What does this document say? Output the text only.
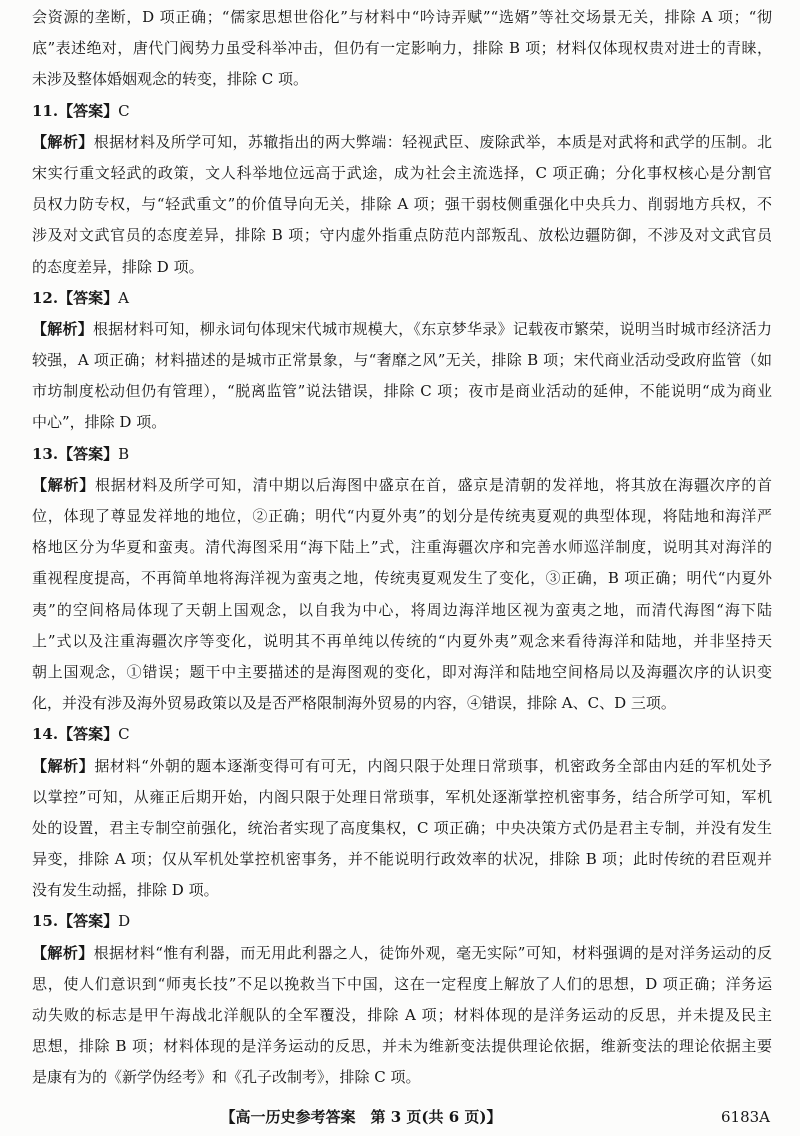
会资源的垄断，D 项正确；“儒家思想世俗化”与材料中“吟诗弄赋”“选婿”等社交场景无关，排除 A 项；“彻
底”表述绝对，唐代门阀势力虽受科举冲击，但仍有一定影响力，排除 B 项；材料仅体现权贵对进士的青睐，
未涉及整体婚姻观念的转变，排除 C 项。
11.【答案】C
【解析】根据材料及所学可知，苏辙指出的两大弊端：轻视武臣、废除武举，本质是对武将和武学的压制。北
宋实行重文轻武的政策，文人科举地位远高于武途，成为社会主流选择，C 项正确；分化事权核心是分割官
员权力防专权，与“轻武重文”的价值导向无关，排除 A 项；强干弱枝侧重强化中央兵力、削弱地方兵权，不
涉及对文武官员的态度差异，排除 B 项；守内虚外指重点防范内部叛乱、放松边疆防御，不涉及对文武官员
的态度差异，排除 D 项。
12.【答案】A
【解析】根据材料可知，柳永词句体现宋代城市规模大，《东京梦华录》记载夜市繁荣，说明当时城市经济活力
较强，A 项正确；材料描述的是城市正常景象，与“奢靡之风”无关，排除 B 项；宋代商业活动受政府监管（如
市坊制度松动但仍有管理），“脱离监管”说法错误，排除 C 项；夜市是商业活动的延伸，不能说明“成为商业
中心”，排除 D 项。
13.【答案】B
【解析】根据材料及所学可知，清中期以后海图中盛京在首，盛京是清朝的发祥地，将其放在海疆次序的首
位，体现了尊显发祥地的地位，②正确；明代“内夏外夷”的划分是传统夷夏观的典型体现，将陆地和海洋严
格地区分为华夏和蛮夷。清代海图采用“海下陆上”式，注重海疆次序和完善水师巡洋制度，说明其对海洋的
重视程度提高，不再简单地将海洋视为蛮夷之地，传统夷夏观发生了变化，③正确，B 项正确；明代“内夏外
夷”的空间格局体现了天朝上国观念，以自我为中心，将周边海洋地区视为蛮夷之地，而清代海图“海下陆
上”式以及注重海疆次序等变化，说明其不再单纯以传统的“内夏外夷”观念来看待海洋和陆地，并非坚持天
朝上国观念，①错误；题干中主要描述的是海图观的变化，即对海洋和陆地空间格局以及海疆次序的认识变
化，并没有涉及海外贸易政策以及是否严格限制海外贸易的内容，④错误，排除 A、C、D 三项。
14.【答案】C
【解析】据材料“外朝的题本逐渐变得可有可无，内阁只限于处理日常琐事，机密政务全部由内廷的军机处予
以掌控”可知，从雍正后期开始，内阁只限于处理日常琐事，军机处逐渐掌控机密事务，结合所学可知，军机
处的设置，君主专制空前强化，统治者实现了高度集权，C 项正确；中央决策方式仍是君主专制，并没有发生
异变，排除 A 项；仅从军机处掌控机密事务，并不能说明行政效率的状况，排除 B 项；此时传统的君臣观并
没有发生动摇，排除 D 项。
15.【答案】D
【解析】根据材料“惟有利器，而无用此利器之人，徒饰外观，毫无实际”可知，材料强调的是对洋务运动的反
思，使人们意识到“师夷长技”不足以挽救当下中国，这在一定程度上解放了人们的思想，D 项正确；洋务运
动失败的标志是甲午海战北洋舰队的全军覆没，排除 A 项；材料体现的是洋务运动的反思，并未提及民主
思想，排除 B 项；材料体现的是洋务运动的反思，并未为维新变法提供理论依据，维新变法的理论依据主要
是康有为的《新学伪经考》和《孔子改制考》，排除 C 项。
【高一历史参考答案　第 3 页(共 6 页)】	6183A
